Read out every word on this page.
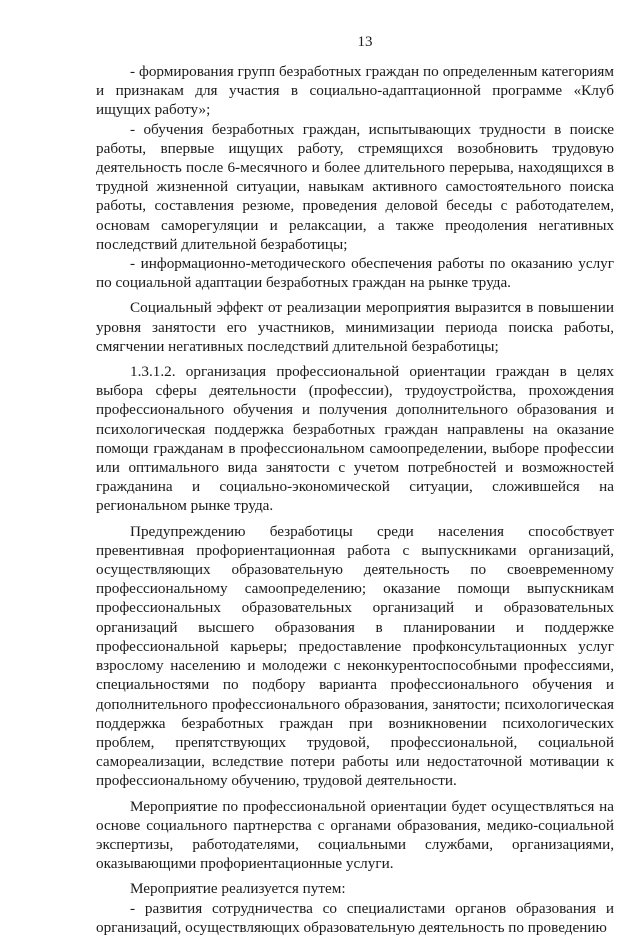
13

- формирования групп безработных граждан по определенным категориям и признакам для участия в социально-адаптационной программе «Клуб ищущих работу»;

- обучения безработных граждан, испытывающих трудности в поиске работы, впервые ищущих работу, стремящихся возобновить трудовую деятельность после 6-месячного и более длительного перерыва, находящихся в трудной жизненной ситуации, навыкам активного самостоятельного поиска работы, составления резюме, проведения деловой беседы с работодателем, основам саморегуляции и релаксации, а также преодоления негативных последствий длительной безработицы;

- информационно-методического обеспечения работы по оказанию услуг по социальной адаптации безработных граждан на рынке труда.

Социальный эффект от реализации мероприятия выразится в повышении уровня занятости его участников, минимизации периода поиска работы, смягчении негативных последствий длительной безработицы;

1.3.1.2. организация профессиональной ориентации граждан в целях выбора сферы деятельности (профессии), трудоустройства, прохождения профессионального обучения и получения дополнительного образования и психологическая поддержка безработных граждан направлены на оказание помощи гражданам в профессиональном самоопределении, выборе профессии или оптимального вида занятости с учетом потребностей и возможностей гражданина и социально-экономической ситуации, сложившейся на региональном рынке труда.

Предупреждению безработицы среди населения способствует превентивная профориентационная работа с выпускниками организаций, осуществляющих образовательную деятельность по своевременному профессиональному самоопределению; оказание помощи выпускникам профессиональных образовательных организаций и образовательных организаций высшего образования в планировании и поддержке профессиональной карьеры; предоставление профконсультационных услуг взрослому населению и молодежи с неконкурентоспособными профессиями, специальностями по подбору варианта профессионального обучения и дополнительного профессионального образования, занятости; психологическая поддержка безработных граждан при возникновении психологических проблем, препятствующих трудовой, профессиональной, социальной самореализации, вследствие потери работы или недостаточной мотивации к профессиональному обучению, трудовой деятельности.

Мероприятие по профессиональной ориентации будет осуществляться на основе социального партнерства с органами образования, медико-социальной экспертизы, работодателями, социальными службами, организациями, оказывающими профориентационные услуги.

Мероприятие реализуется путем:

- развития сотрудничества со специалистами органов образования и организаций, осуществляющих образовательную деятельность по проведению
